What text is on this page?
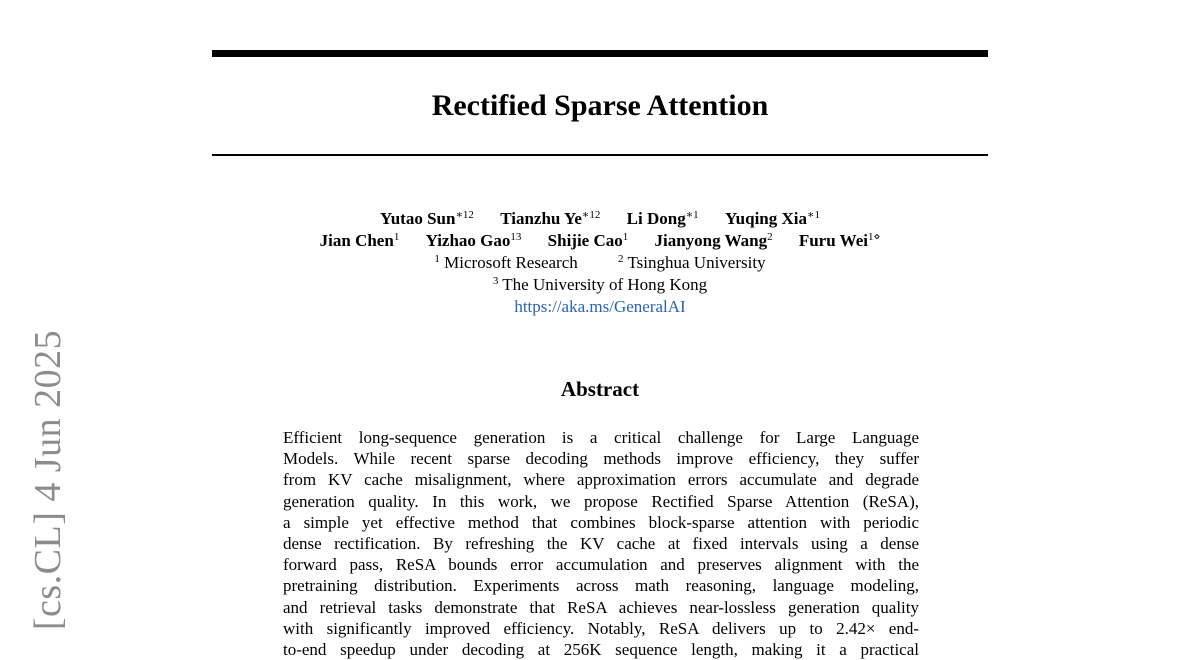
Rectified Sparse Attention
Yutao Sun$^{∗12}$ Tianzhu $Ye^{∗12}$ Li Dong$^{∗1}$ Yuqing Xia$^{∗1}$
Jian Chen$^1$ Yizhao Gao$^{13}$ Shijie Cao$^1$ Jianyong Wang$^2$ Furu Wei$^{1⋄}$
$^1$ Microsoft Research	$^2$ Tsinghua University
$^3$ The University of Hong Kong
https://aka.ms/GeneralAI
Abstract
Efficient long-sequence generation is a critical challenge for Large Language
Models. While recent sparse decoding methods improve efficiency, they suffer
from KV cache misalignment, where approximation errors accumulate and degrade
generation quality. In this work, we propose Rectified Sparse Attention (ReSA),
a simple yet effective method that combines block-sparse attention with periodic
dense rectification. By refreshing the KV cache at fixed intervals using a dense
forward pass, ReSA bounds error accumulation and preserves alignment with the
pretraining distribution. Experiments across math reasoning, language modeling,
and retrieval tasks demonstrate that ReSA achieves near-lossless generation quality
with significantly improved efficiency. Notably, ReSA delivers up to 2.42× end-
to-end speedup under decoding at 256K sequence length, making it a practical
[cs.CL] 4 Jun 2025
